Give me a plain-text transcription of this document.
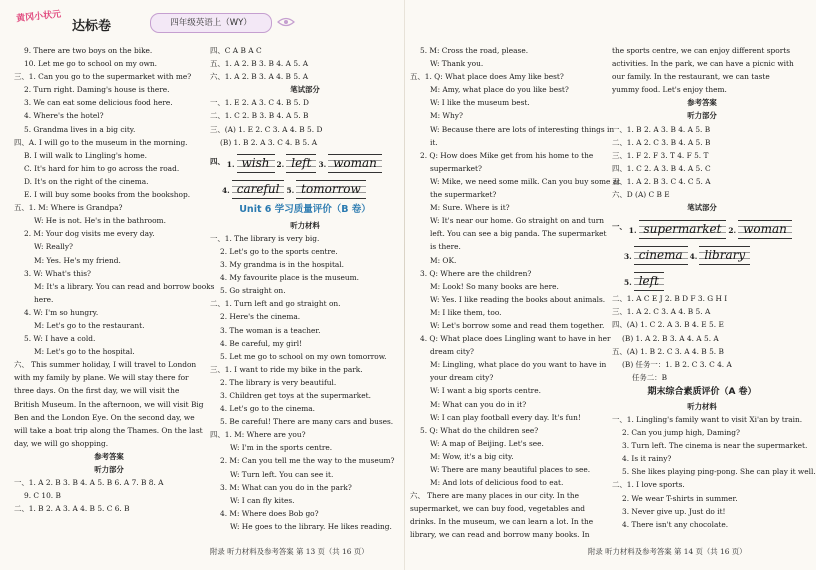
黄冈小状元
达标卷	四年级英语上（WY）
9. There are two boys on the bike.
10. Let me go to school on my own.
三、1. Can you go to the supermarket with me?
2. Turn right. Daming's house is there.
3. We can eat some delicious food here.
4. Where's the hotel?
5. Grandma lives in a big city.
四、A. I will go to the museum in the morning.
B. I will walk to Lingling's home.
C. It's hard for him to go across the road.
D. It's on the right of the cinema.
E. I will buy some books from the bookshop.
五、1. M: Where is Grandpa?
W: He is not. He's in the bathroom.
2. M: Your dog visits me every day.
W: Really?
M: Yes. He's my friend.
3. W: What's this?
M: It's a library. You can read and borrow books
here.
4. W: I'm so hungry.
M: Let's go to the restaurant.
5. W: I have a cold.
M: Let's go to the hospital.
六、 This summer holiday, I will travel to London
with my family by plane. We will stay there for
three days. On the first day, we will visit the
British Museum. In the afternoon, we will visit Big
Ben and the London Eye. On the second day, we
will take a boat trip along the Thames. On the last
day, we will go shopping.
参考答案
听力部分
一、1. A 2. B 3. B 4. A 5. B 6. A 7. B 8. A
9. C 10. B
二、1. B 2. A 3. A 4. B 5. C 6. B
四、C A B A C
五、1. A 2. B 3. B 4. A 5. A
六、1. A 2. B 3. A 4. B 5. A
笔试部分
一、1. E 2. A 3. C 4. B 5. D
二、1. C 2. B 3. B 4. A 5. B
三、(A) 1. E 2. C 3. A 4. B 5. D
(B) 1. B 2. A 3. C 4. B 5. A
四、 1. wish 2. left 3. woman
4. careful 5. tomorrow
Unit 6 学习质量评价（B 卷）
听力材料
一、1. The library is very big.
2. Let's go to the sports centre.
3. My grandma is in the hospital.
4. My favourite place is the museum.
5. Go straight on.
二、1. Turn left and go straight on.
2. Here's the cinema.
3. The woman is a teacher.
4. Be careful, my girl!
5. Let me go to school on my own tomorrow.
三、1. I want to ride my bike in the park.
2. The library is very beautiful.
3. Children get toys at the supermarket.
4. Let's go to the cinema.
5. Be careful! There are many cars and buses.
四、1. M: Where are you?
W: I'm in the sports centre.
2. M: Can you tell me the way to the museum?
W: Turn left. You can see it.
3. M: What can you do in the park?
W: I can fly kites.
4. M: Where does Bob go?
W: He goes to the library. He likes reading.
5. M: Cross the road, please.
W: Thank you.
五、1. Q: What place does Amy like best?
M: Amy, what place do you like best?
W: I like the museum best.
M: Why?
W: Because there are lots of interesting things in
it.
2. Q: How does Mike get from his home to the
supermarket?
W: Mike, we need some milk. Can you buy some at
the supermarket?
M: Sure. Where is it?
W: It's near our home. Go straight on and turn
left. You can see a big panda. The supermarket
is there.
M: OK.
3. Q: Where are the children?
M: Look! So many books are here.
W: Yes. I like reading the books about animals.
M: I like them, too.
W: Let's borrow some and read them together.
4. Q: What place does Lingling want to have in her
dream city?
M: Lingling, what place do you want to have in
your dream city?
W: I want a big sports centre.
M: What can you do in it?
W: I can play football every day. It's fun!
5. Q: What do the children see?
W: A map of Beijing. Let's see.
M: Wow, it's a big city.
W: There are many beautiful places to see.
M: And lots of delicious food to eat.
六、 There are many places in our city. In the
supermarket, we can buy food, vegetables and
drinks. In the museum, we can learn a lot. In the
library, we can read and borrow many books. In
the sports centre, we can enjoy different sports
activities. In the park, we can have a picnic with
our family. In the restaurant, we can taste
yummy food. Let's enjoy them.
参考答案
听力部分
一、1. B 2. A 3. B 4. A 5. B
二、1. A 2. C 3. B 4. A 5. B
三、1. F 2. F 3. T 4. F 5. T
四、1. C 2. A 3. B 4. A 5. C
五、1. A 2. B 3. C 4. C 5. A
六、D (A) C B E
笔试部分
一、 1. supermarket 2. woman
3. cinema 4. library
5. left
二、1. A C E J 2. B D F 3. G H I
三、1. A 2. C 3. A 4. B 5. A
四、(A) 1. C 2. A 3. B 4. E 5. E
(B) 1. A 2. B 3. A 4. A 5. A
五、(A) 1. B 2. C 3. A 4. B 5. B
(B) 任务一：1. B 2. C 3. C 4. A
任务二：B
期末综合素质评价（A 卷）
听力材料
一、1. Lingling's family want to visit Xi'an by train.
2. Can you jump high, Daming?
3. Turn left. The cinema is near the supermarket.
4. Is it rainy?
5. She likes playing ping-pong. She can play it well.
二、1. I love sports.
2. We wear T-shirts in summer.
3. Never give up. Just do it!
4. There isn't any chocolate.
附录 听力材料及参考答案 第 13 页（共 16 页）	附录 听力材料及参考答案 第 14 页（共 16 页）
